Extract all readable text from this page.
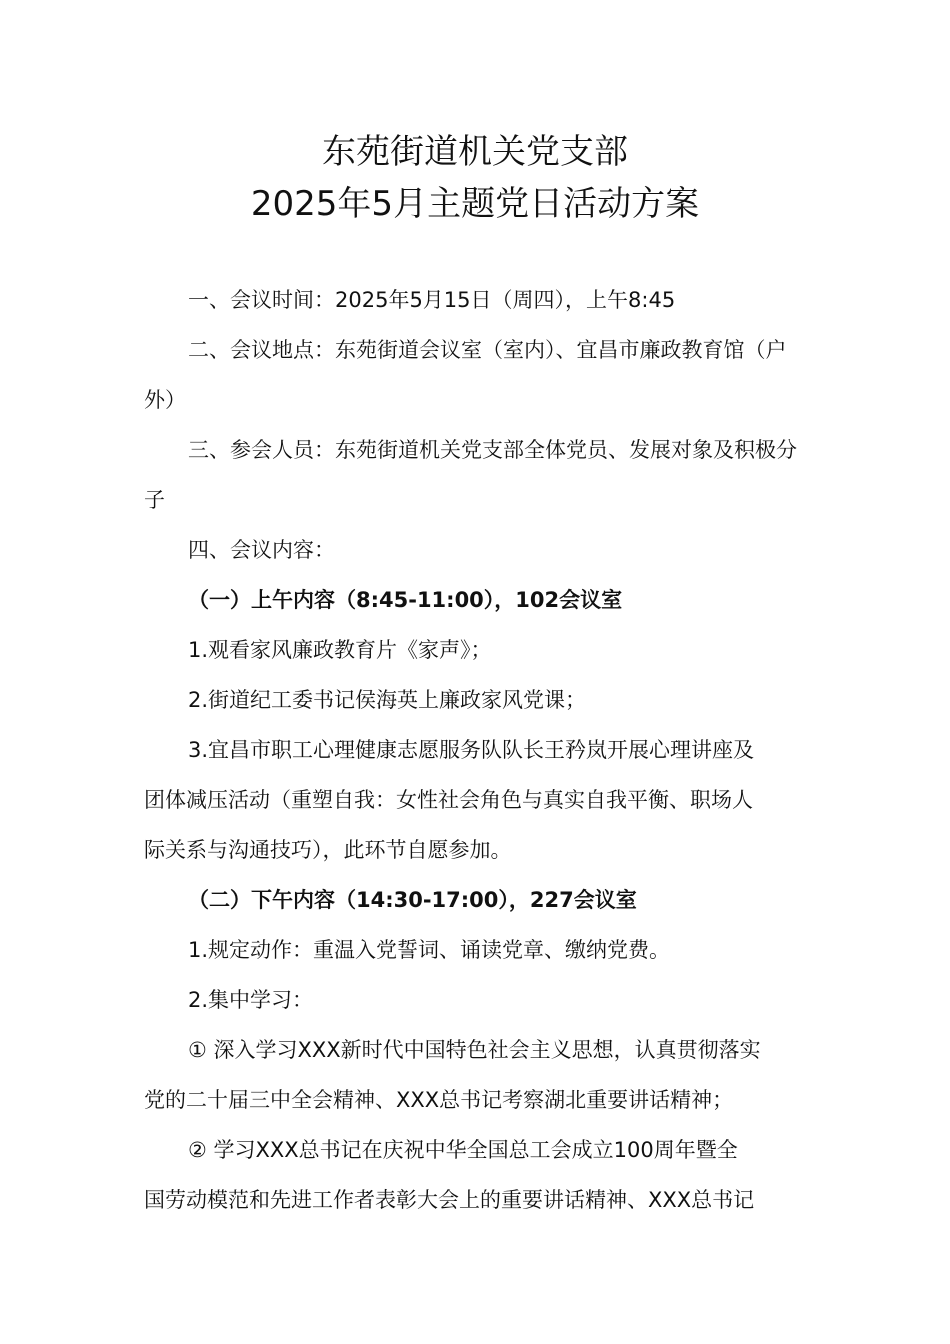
东苑街道机关党支部
2025年5月主题党日活动方案
一、会议时间：2025年5月15日（周四），上午8:45
二、会议地点：东苑街道会议室（室内）、宜昌市廉政教育馆（户
外）
三、参会人员：东苑街道机关党支部全体党员、发展对象及积极分
子
四、会议内容：
（一）上午内容（8:45-11:00），102会议室
1.观看家风廉政教育片《家声》；
2.街道纪工委书记侯海英上廉政家风党课；
3.宜昌市职工心理健康志愿服务队队长王矜岚开展心理讲座及
团体减压活动（重塑自我：女性社会角色与真实自我平衡、职场人
际关系与沟通技巧），此环节自愿参加。
（二）下午内容（14:30-17:00），227会议室
1.规定动作：重温入党誓词、诵读党章、缴纳党费。
2.集中学习：
① 深入学习XXX新时代中国特色社会主义思想，认真贯彻落实
党的二十届三中全会精神、XXX总书记考察湖北重要讲话精神；
② 学习XXX总书记在庆祝中华全国总工会成立100周年暨全
国劳动模范和先进工作者表彰大会上的重要讲话精神、XXX总书记
